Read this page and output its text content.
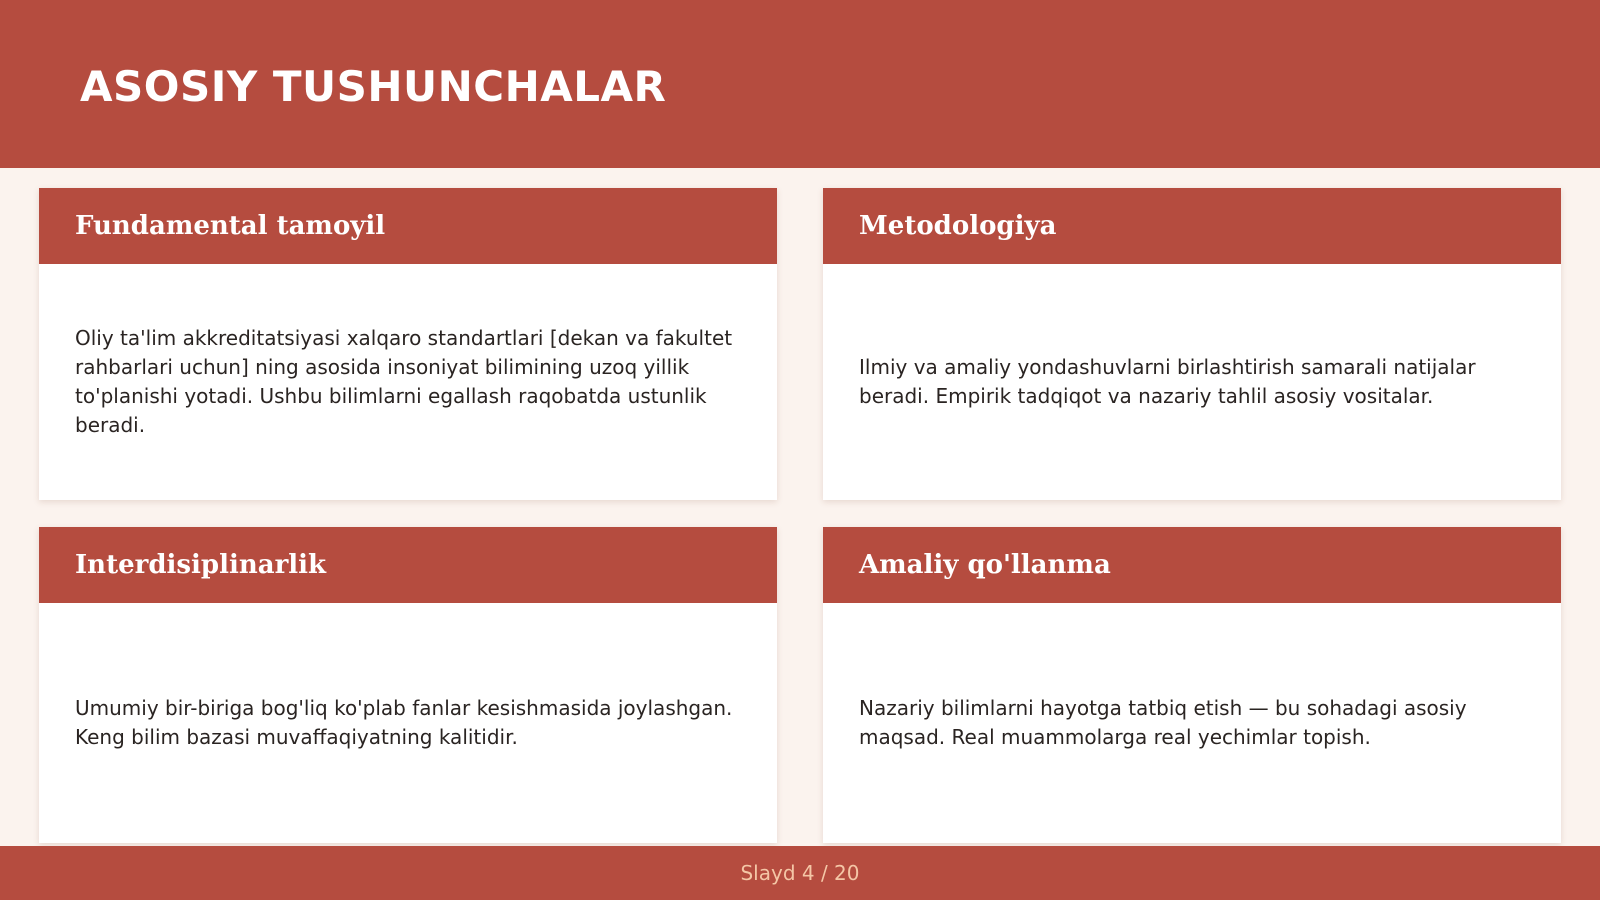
ASOSIY TUSHUNCHALAR
Fundamental tamoyil

Oliy ta'lim akkreditatsiyasi xalqaro standartlari [dekan va fakultet rahbarlari uchun] ning asosida insoniyat bilimining uzoq yillik to'planishi yotadi. Ushbu bilimlarni egallash raqobatda ustunlik beradi.

Metodologiya

Ilmiy va amaliy yondashuvlarni birlashtirish samarali natijalar beradi. Empirik tadqiqot va nazariy tahlil asosiy vositalar.

Interdisiplinarlik

Umumiy bir-biriga bog'liq ko'plab fanlar kesishmasida joylashgan. Keng bilim bazasi muvaffaqiyatning kalitidir.

Amaliy qo'llanma

Nazariy bilimlarni hayotga tatbiq etish — bu sohadagi asosiy maqsad. Real muammolarga real yechimlar topish.

Slayd 4 / 20
